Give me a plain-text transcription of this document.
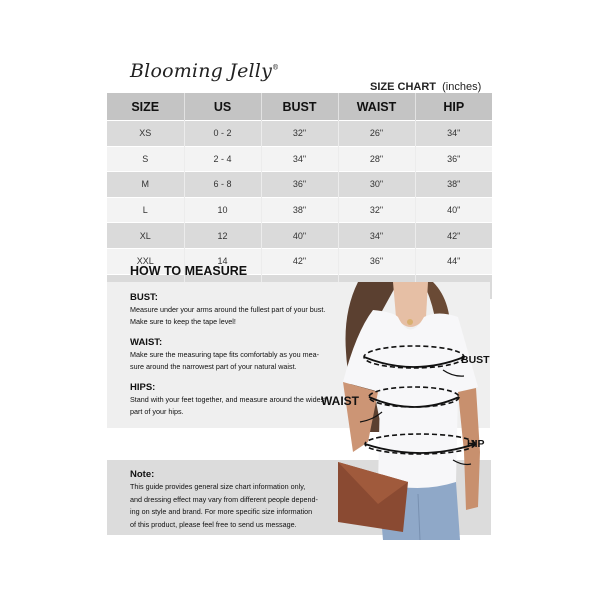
Blooming Jelly®
SIZE CHART (inches)
SIZE	US	BUST	WAIST	HIP
XS	0 - 2	32"	26"	34"
S	2 - 4	34"	28"	36"
M	6 - 8	36"	30"	38"
L	10	38"	32"	40"
XL	12	40"	34"	42"
XXL	14	42"	36"	44"

HOW TO MEASURE
BUST:
Measure under your arms around the fullest part of your bust.
Make sure to keep the tape level!
WAIST:
Make sure the measuring tape fits comfortably as you mea-
sure around the narrowest part of your natural waist.
HIPS:
Stand with your feet together, and measure around the widest
part of your hips.
Note:
This guide provides general size chart information only,
and dressing effect may vary from different people depend-
ing on style and brand. For more specific size information
of this product, please feel free to send us message.
BUST
WAIST
HIP
